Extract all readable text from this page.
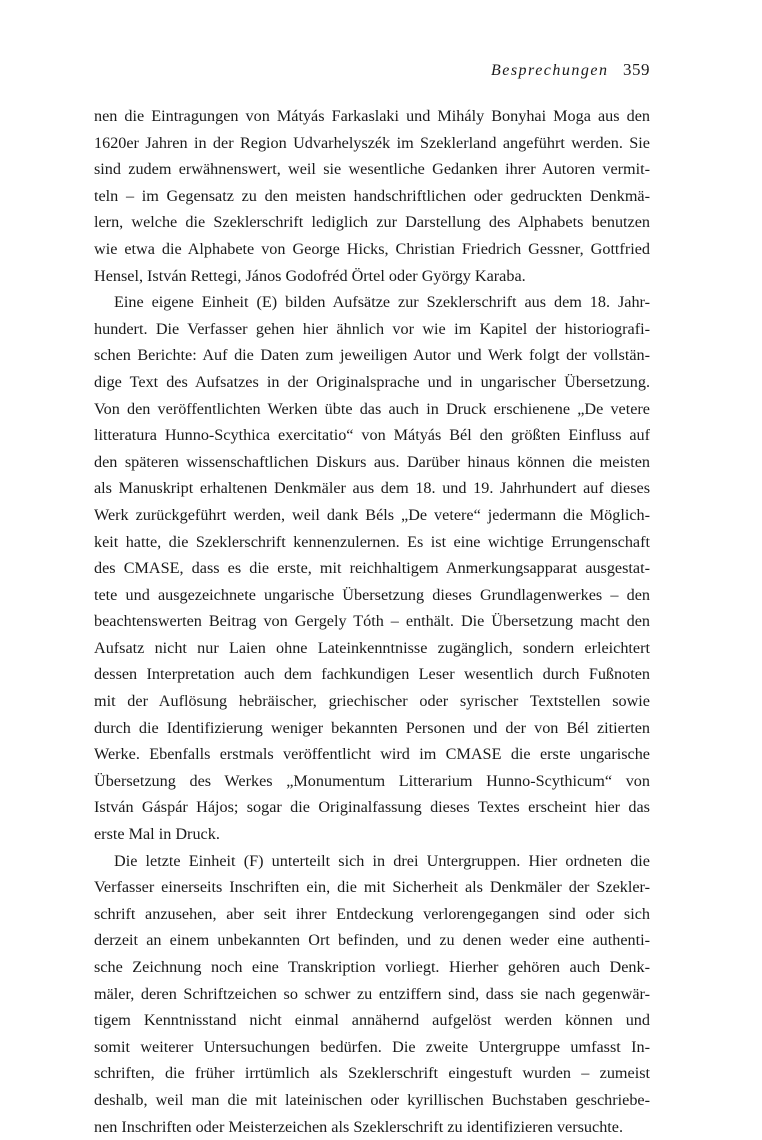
Besprechungen 359
nen die Eintragungen von Mátyás Farkaslaki und Mihály Bonyhai Moga aus den
1620er Jahren in der Region Udvarhelyszék im Szeklerland angeführt werden. Sie
sind zudem erwähnenswert, weil sie wesentliche Gedanken ihrer Autoren vermit-
teln – im Gegensatz zu den meisten handschriftlichen oder gedruckten Denkmä-
lern, welche die Szeklerschrift lediglich zur Darstellung des Alphabets benutzen
wie etwa die Alphabete von George Hicks, Christian Friedrich Gessner, Gottfried
Hensel, István Rettegi, János Godofréd Örtel oder György Karaba.
Eine eigene Einheit (E) bilden Aufsätze zur Szeklerschrift aus dem 18. Jahr-
hundert. Die Verfasser gehen hier ähnlich vor wie im Kapitel der historiografi-
schen Berichte: Auf die Daten zum jeweiligen Autor und Werk folgt der vollstän-
dige Text des Aufsatzes in der Originalsprache und in ungarischer Übersetzung.
Von den veröffentlichten Werken übte das auch in Druck erschienene „De vetere
litteratura Hunno-Scythica exercitatio“ von Mátyás Bél den größten Einfluss auf
den späteren wissenschaftlichen Diskurs aus. Darüber hinaus können die meisten
als Manuskript erhaltenen Denkmäler aus dem 18. und 19. Jahrhundert auf dieses
Werk zurückgeführt werden, weil dank Béls „De vetere“ jedermann die Möglich-
keit hatte, die Szeklerschrift kennenzulernen. Es ist eine wichtige Errungenschaft
des CMASE, dass es die erste, mit reichhaltigem Anmerkungsapparat ausgestat-
tete und ausgezeichnete ungarische Übersetzung dieses Grundlagenwerkes – den
beachtenswerten Beitrag von Gergely Tóth – enthält. Die Übersetzung macht den
Aufsatz nicht nur Laien ohne Lateinkenntnisse zugänglich, sondern erleichtert
dessen Interpretation auch dem fachkundigen Leser wesentlich durch Fußnoten
mit der Auflösung hebräischer, griechischer oder syrischer Textstellen sowie
durch die Identifizierung weniger bekannten Personen und der von Bél zitierten
Werke. Ebenfalls erstmals veröffentlicht wird im CMASE die erste ungarische
Übersetzung des Werkes „Monumentum Litterarium Hunno-Scythicum“ von
István Gáspár Hájos; sogar die Originalfassung dieses Textes erscheint hier das
erste Mal in Druck.
Die letzte Einheit (F) unterteilt sich in drei Untergruppen. Hier ordneten die
Verfasser einerseits Inschriften ein, die mit Sicherheit als Denkmäler der Szekler-
schrift anzusehen, aber seit ihrer Entdeckung verlorengegangen sind oder sich
derzeit an einem unbekannten Ort befinden, und zu denen weder eine authenti-
sche Zeichnung noch eine Transkription vorliegt. Hierher gehören auch Denk-
mäler, deren Schriftzeichen so schwer zu entziffern sind, dass sie nach gegenwär-
tigem Kenntnisstand nicht einmal annähernd aufgelöst werden können und
somit weiterer Untersuchungen bedürfen. Die zweite Untergruppe umfasst In-
schriften, die früher irrtümlich als Szeklerschrift eingestuft wurden – zumeist
deshalb, weil man die mit lateinischen oder kyrillischen Buchstaben geschriebe-
nen Inschriften oder Meisterzeichen als Szeklerschrift zu identifizieren versuchte.
